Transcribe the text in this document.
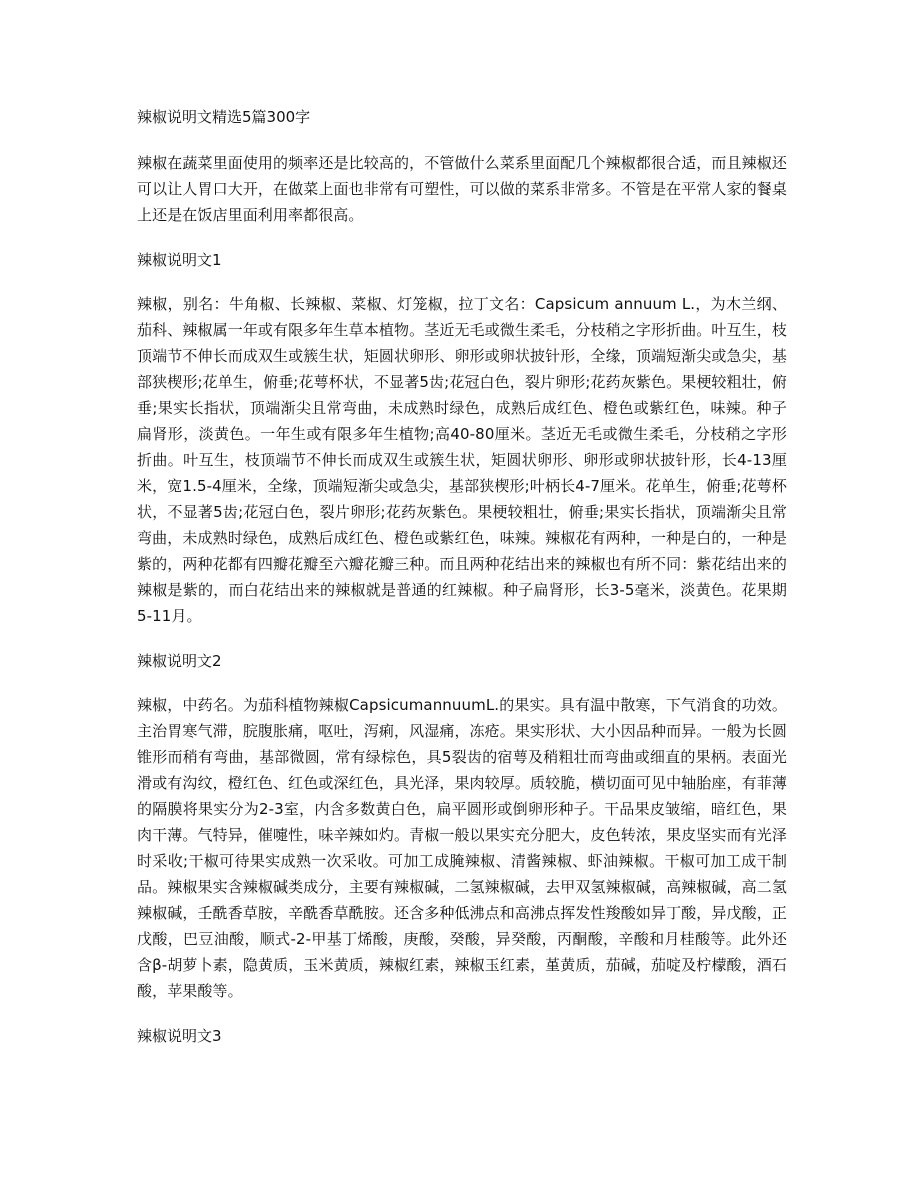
辣椒说明文精选5篇300字

辣椒在蔬菜里面使用的频率还是比较高的，不管做什么菜系里面配几个辣椒都很合适，而且辣椒还可以让人胃口大开，在做菜上面也非常有可塑性，可以做的菜系非常多。不管是在平常人家的餐桌上还是在饭店里面利用率都很高。

辣椒说明文1

辣椒，别名：牛角椒、长辣椒、菜椒、灯笼椒，拉丁文名：Capsicum annuum L.，为木兰纲、茄科、辣椒属一年或有限多年生草本植物。茎近无毛或微生柔毛，分枝稍之字形折曲。叶互生，枝顶端节不伸长而成双生或簇生状，矩圆状卵形、卵形或卵状披针形，全缘，顶端短渐尖或急尖，基部狭楔形;花单生，俯垂;花萼杯状，不显著5齿;花冠白色，裂片卵形;花药灰紫色。果梗较粗壮，俯垂;果实长指状，顶端渐尖且常弯曲，未成熟时绿色，成熟后成红色、橙色或紫红色，味辣。种子扁肾形，淡黄色。一年生或有限多年生植物;高40-80厘米。茎近无毛或微生柔毛，分枝稍之字形折曲。叶互生，枝顶端节不伸长而成双生或簇生状，矩圆状卵形、卵形或卵状披针形，长4-13厘米，宽1.5-4厘米，全缘，顶端短渐尖或急尖，基部狭楔形;叶柄长4-7厘米。花单生，俯垂;花萼杯状，不显著5齿;花冠白色，裂片卵形;花药灰紫色。果梗较粗壮，俯垂;果实长指状，顶端渐尖且常弯曲，未成熟时绿色，成熟后成红色、橙色或紫红色，味辣。辣椒花有两种，一种是白的，一种是紫的，两种花都有四瓣花瓣至六瓣花瓣三种。而且两种花结出来的辣椒也有所不同：紫花结出来的辣椒是紫的，而白花结出来的辣椒就是普通的红辣椒。种子扁肾形，长3-5毫米，淡黄色。花果期5-11月。

辣椒说明文2

辣椒，中药名。为茄科植物辣椒CapsicumannuumL.的果实。具有温中散寒，下气消食的功效。主治胃寒气滞，脘腹胀痛，呕吐，泻痢，风湿痛，冻疮。果实形状、大小因品种而异。一般为长圆锥形而稍有弯曲，基部微圆，常有绿棕色，具5裂齿的宿萼及稍粗壮而弯曲或细直的果柄。表面光滑或有沟纹，橙红色、红色或深红色，具光泽，果肉较厚。质较脆，横切面可见中轴胎座，有菲薄的隔膜将果实分为2-3室，内含多数黄白色，扁平圆形或倒卵形种子。干品果皮皱缩，暗红色，果肉干薄。气特异，催嚏性，味辛辣如灼。青椒一般以果实充分肥大，皮色转浓，果皮坚实而有光泽时采收;干椒可待果实成熟一次采收。可加工成腌辣椒、清酱辣椒、虾油辣椒。干椒可加工成干制品。辣椒果实含辣椒碱类成分，主要有辣椒碱，二氢辣椒碱，去甲双氢辣椒碱，高辣椒碱，高二氢辣椒碱，壬酰香草胺，辛酰香草酰胺。还含多种低沸点和高沸点挥发性羧酸如异丁酸，异戊酸，正戊酸，巴豆油酸，顺式-2-甲基丁烯酸，庚酸，癸酸，异癸酸，丙酮酸，辛酸和月桂酸等。此外还含β-胡萝卜素，隐黄质，玉米黄质，辣椒红素，辣椒玉红素，堇黄质，茄碱，茄啶及柠檬酸，酒石酸，苹果酸等。

辣椒说明文3
